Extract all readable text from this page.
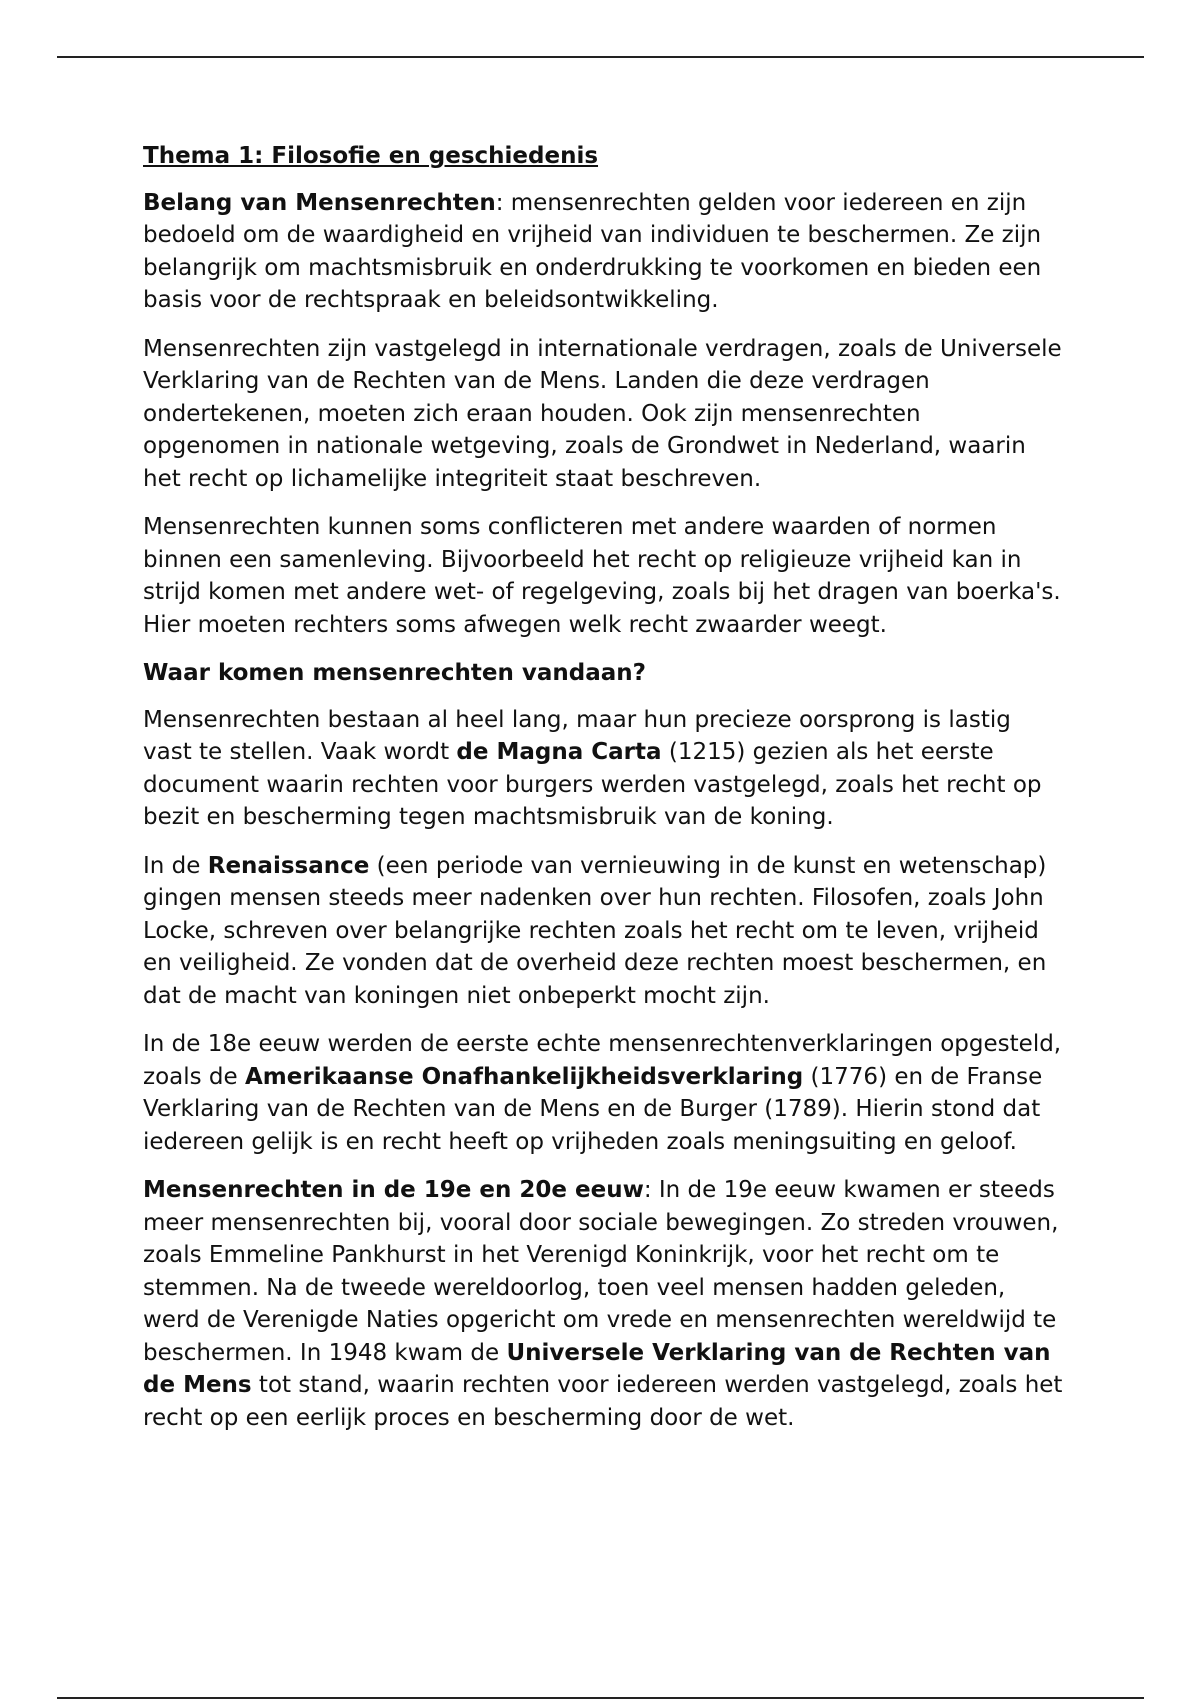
Thema 1: Filosofie en geschiedenis

Belang van Mensenrechten: mensenrechten gelden voor iedereen en zijn bedoeld om de waardigheid en vrijheid van individuen te beschermen. Ze zijn belangrijk om machtsmisbruik en onderdrukking te voorkomen en bieden een basis voor de rechtspraak en beleidsontwikkeling.

Mensenrechten zijn vastgelegd in internationale verdragen, zoals de Universele Verklaring van de Rechten van de Mens. Landen die deze verdragen ondertekenen, moeten zich eraan houden. Ook zijn mensenrechten opgenomen in nationale wetgeving, zoals de Grondwet in Nederland, waarin het recht op lichamelijke integriteit staat beschreven.

Mensenrechten kunnen soms conflicteren met andere waarden of normen binnen een samenleving. Bijvoorbeeld het recht op religieuze vrijheid kan in strijd komen met andere wet- of regelgeving, zoals bij het dragen van boerka's. Hier moeten rechters soms afwegen welk recht zwaarder weegt.

Waar komen mensenrechten vandaan?

Mensenrechten bestaan al heel lang, maar hun precieze oorsprong is lastig vast te stellen. Vaak wordt de Magna Carta (1215) gezien als het eerste document waarin rechten voor burgers werden vastgelegd, zoals het recht op bezit en bescherming tegen machtsmisbruik van de koning.

In de Renaissance (een periode van vernieuwing in de kunst en wetenschap) gingen mensen steeds meer nadenken over hun rechten. Filosofen, zoals John Locke, schreven over belangrijke rechten zoals het recht om te leven, vrijheid en veiligheid. Ze vonden dat de overheid deze rechten moest beschermen, en dat de macht van koningen niet onbeperkt mocht zijn.

In de 18e eeuw werden de eerste echte mensenrechtenverklaringen opgesteld, zoals de Amerikaanse Onafhankelijkheidsverklaring (1776) en de Franse Verklaring van de Rechten van de Mens en de Burger (1789). Hierin stond dat iedereen gelijk is en recht heeft op vrijheden zoals meningsuiting en geloof.

Mensenrechten in de 19e en 20e eeuw: In de 19e eeuw kwamen er steeds meer mensenrechten bij, vooral door sociale bewegingen. Zo streden vrouwen, zoals Emmeline Pankhurst in het Verenigd Koninkrijk, voor het recht om te stemmen. Na de tweede wereldoorlog, toen veel mensen hadden geleden, werd de Verenigde Naties opgericht om vrede en mensenrechten wereldwijd te beschermen. In 1948 kwam de Universele Verklaring van de Rechten van de Mens tot stand, waarin rechten voor iedereen werden vastgelegd, zoals het recht op een eerlijk proces en bescherming door de wet.
